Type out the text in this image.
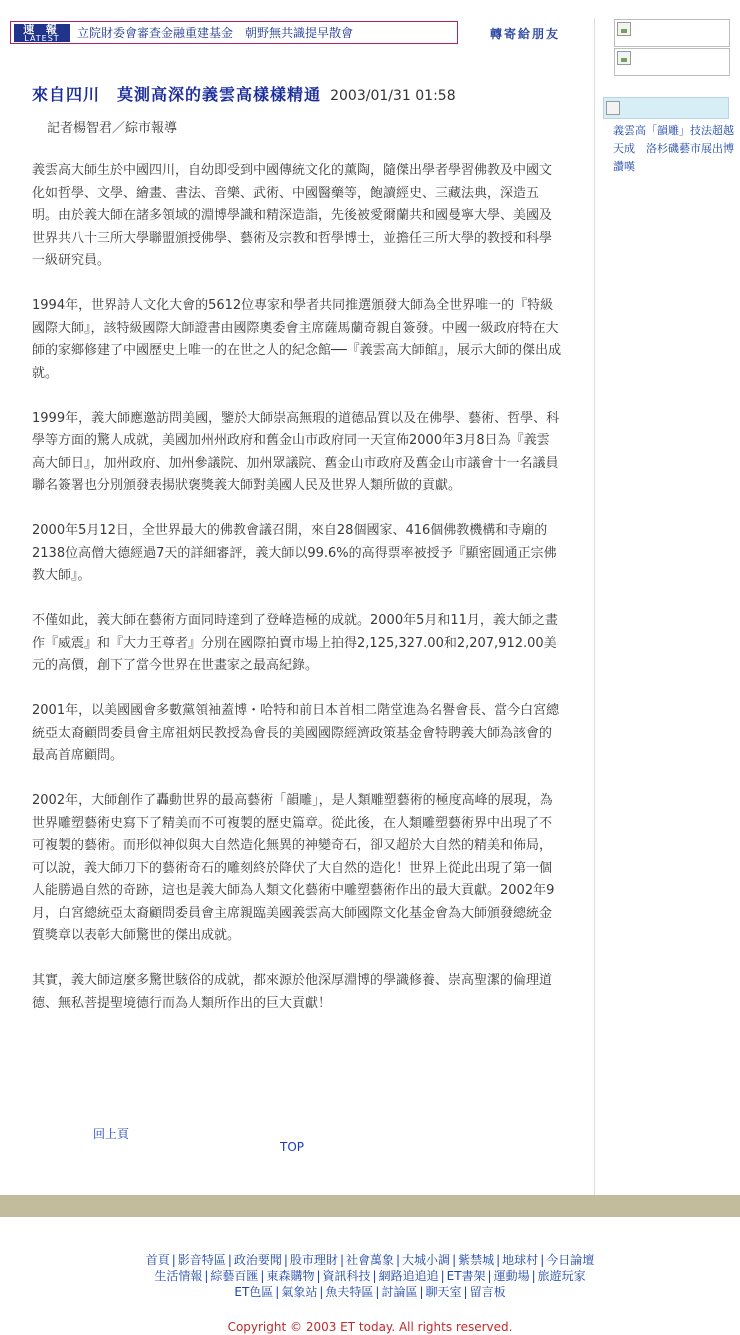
速 報
LATEST	立院財委會審查金融重建基金　朝野無共識提早散會	轉寄給朋友
義雲高「韻雕」技法超越天成　洛杉磯藝市展出博讚嘆
來自四川　莫測高深的義雲高樣樣精通 2003/01/31 01:58
記者楊智君／綜市報導

義雲高大師生於中國四川，自幼即受到中國傳統文化的薰陶，隨傑出學者學習佛教及中國文化如哲學、文學、繪畫、書法、音樂、武術、中國醫藥等，飽讀經史、三藏法典，深造五明。由於義大師在諸多領域的淵博學識和精深造詣，先後被愛爾蘭共和國曼寧大學、美國及世界共八十三所大學聯盟頒授佛學、藝術及宗教和哲學博士，並擔任三所大學的教授和科學一級研究員。

1994年，世界詩人文化大會的5612位專家和學者共同推選頒發大師為全世界唯一的『特級國際大師』，該特級國際大師證書由國際奧委會主席薩馬蘭奇親自簽發。中國一級政府特在大師的家鄉修建了中國歷史上唯一的在世之人的紀念館──『義雲高大師館』，展示大師的傑出成就。

1999年，義大師應邀訪問美國，鑒於大師崇高無瑕的道德品質以及在佛學、藝術、哲學、科學等方面的驚人成就，美國加州州政府和舊金山市政府同一天宣佈2000年3月8日為『義雲高大師日』，加州政府、加州參議院、加州眾議院、舊金山市政府及舊金山市議會十一名議員聯名簽署也分別頒發表揚狀褒獎義大師對美國人民及世界人類所做的貢獻。

2000年5月12日，全世界最大的佛教會議召開，來自28個國家、416個佛教機構和寺廟的2138位高僧大德經過7天的詳細審評，義大師以99.6%的高得票率被授予『顯密圓通正宗佛教大師』。

不僅如此，義大師在藝術方面同時達到了登峰造極的成就。2000年5月和11月，義大師之畫作『威震』和『大力王尊者』分別在國際拍賣市場上拍得2,125,327.00和2,207,912.00美元的高價，創下了當今世界在世畫家之最高紀錄。

2001年，以美國國會多數黨領袖蓋博・哈特和前日本首相二階堂進為名譽會長、當今白宮總統亞太裔顧問委員會主席祖炳民教授為會長的美國國際經濟政策基金會特聘義大師為該會的最高首席顧問。

2002年，大師創作了轟動世界的最高藝術「韻雕」，是人類雕塑藝術的極度高峰的展現，為世界雕塑藝術史寫下了精美而不可複製的歷史篇章。從此後，在人類雕塑藝術界中出現了不可複製的藝術。而形似神似與大自然造化無異的神變奇石，卻又超於大自然的精美和佈局，可以說，義大師刀下的藝術奇石的雕刻終於降伏了大自然的造化！世界上從此出現了第一個人能勝過自然的奇跡，這也是義大師為人類文化藝術中雕塑藝術作出的最大貢獻。2002年9月，白宮總統亞太裔顧問委員會主席親臨美國義雲高大師國際文化基金會為大師頒發總統金質獎章以表彰大師驚世的傑出成就。

其實，義大師這麼多驚世駭俗的成就，都來源於他深厚淵博的學識修養、崇高聖潔的倫理道德、無私菩提聖境德行而為人類所作出的巨大貢獻！

回上頁
TOP
首頁 | 影音特區 | 政治要聞 | 股市理財 | 社會萬象 | 大城小調 | 紫禁城 | 地球村 | 今日論壇
生活情報 | 綜藝百匯 | 東森購物 | 資訊科技 | 網路追追追 | ET書架 | 運動場 | 旅遊玩家
ET色區 | 氣象站 | 魚夫特區 | 討論區 | 聊天室 | 留言板
Copyright © 2003 ET today. All rights reserved.
